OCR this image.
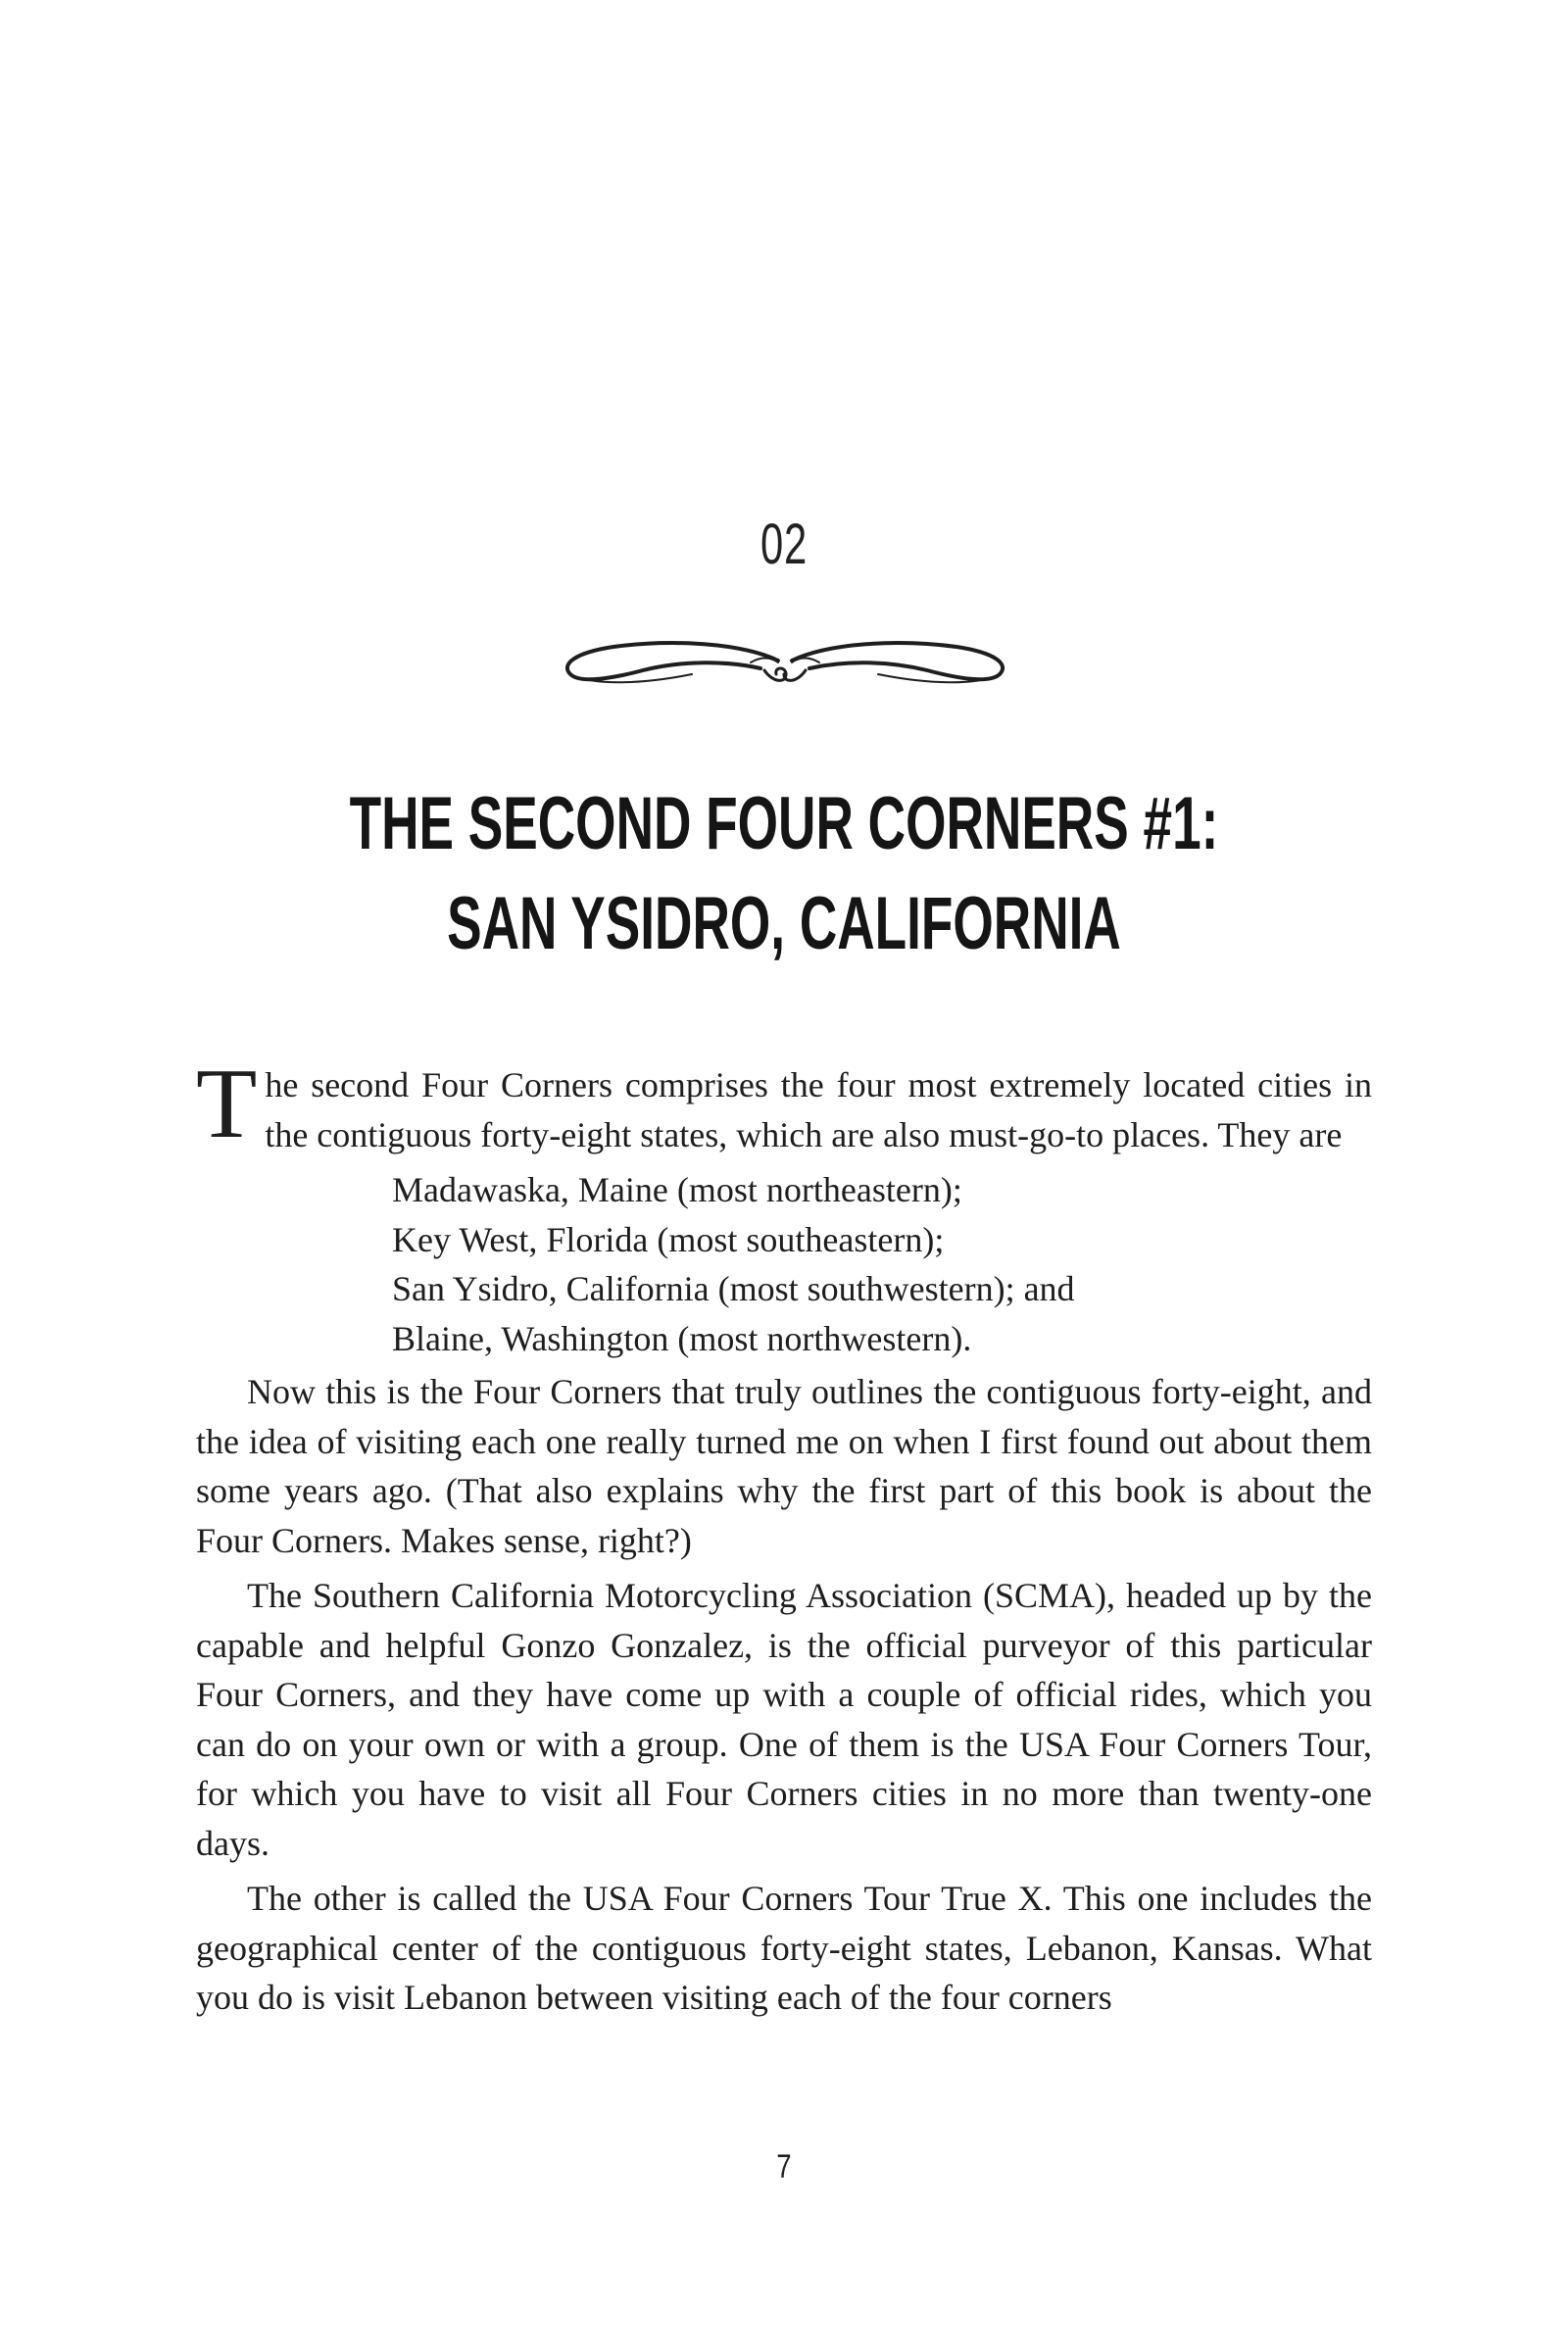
02
THE SECOND FOUR CORNERS #1:
SAN YSIDRO, CALIFORNIA

The second Four Corners comprises the four most extremely located cities in the contiguous forty-eight states, which are also must-go-to places. They are

Madawaska, Maine (most northeastern);
Key West, Florida (most southeastern);
San Ysidro, California (most southwestern); and
Blaine, Washington (most northwestern).

Now this is the Four Corners that truly outlines the contiguous forty-eight, and the idea of visiting each one really turned me on when I first found out about them some years ago. (That also explains why the first part of this book is about the Four Corners. Makes sense, right?)

The Southern California Motorcycling Association (SCMA), headed up by the capable and helpful Gonzo Gonzalez, is the official purveyor of this particular Four Corners, and they have come up with a couple of official rides, which you can do on your own or with a group. One of them is the USA Four Corners Tour, for which you have to visit all Four Corners cities in no more than twenty-one days.

The other is called the USA Four Corners Tour True X. This one includes the geographical center of the contiguous forty-eight states, Lebanon, Kansas. What you do is visit Lebanon between visiting each of the four corners

7
